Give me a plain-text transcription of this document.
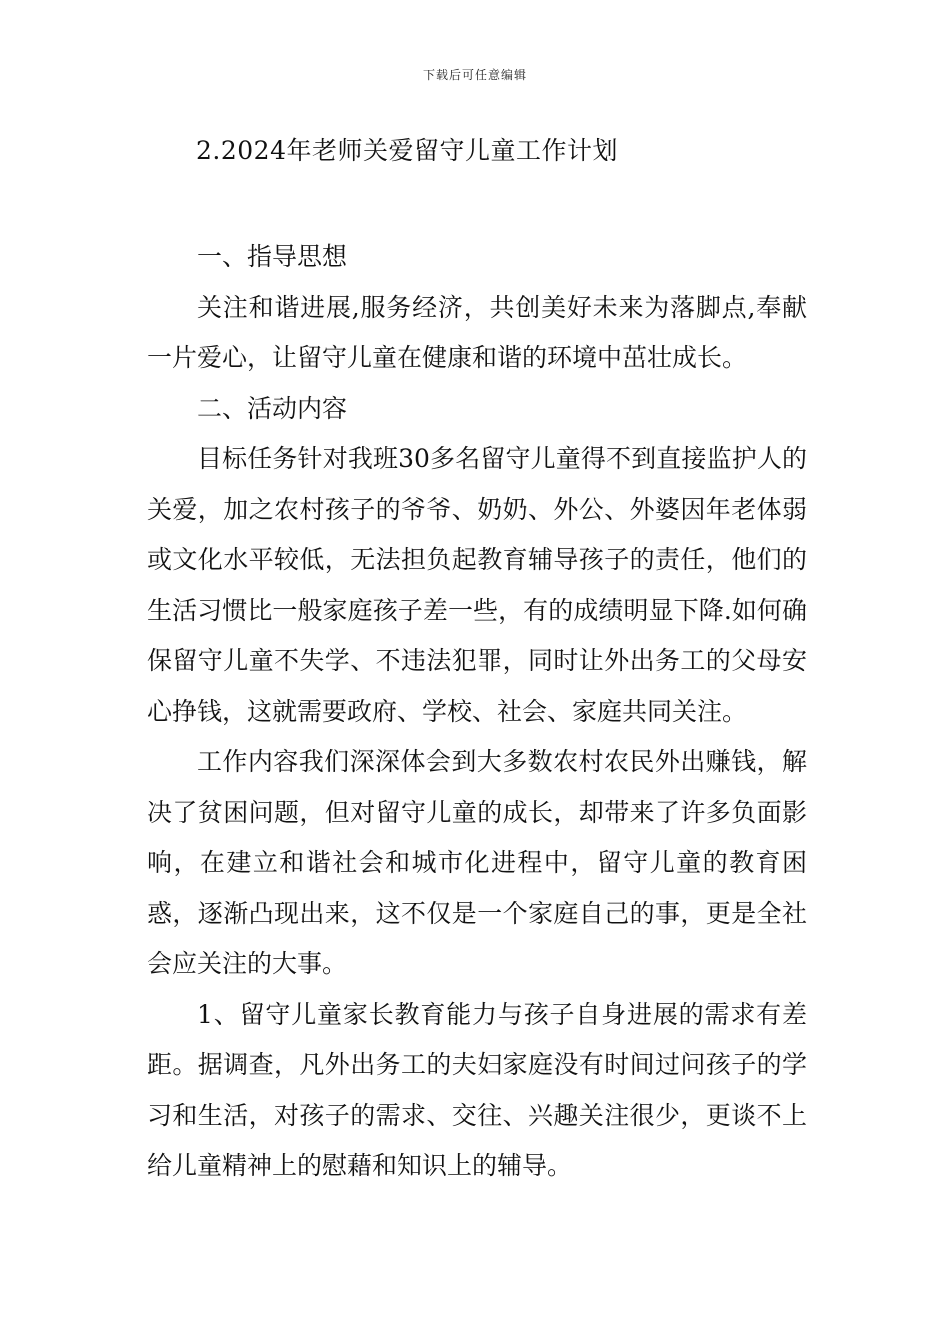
下载后可任意编辑
2.2024年老师关爱留守儿童工作计划

一、指导思想

关注和谐进展,服务经济，共创美好未来为落脚点,奉献一片爱心，让留守儿童在健康和谐的环境中茁壮成长。

二、活动内容

目标任务针对我班30多名留守儿童得不到直接监护人的关爱，加之农村孩子的爷爷、奶奶、外公、外婆因年老体弱或文化水平较低，无法担负起教育辅导孩子的责任，他们的生活习惯比一般家庭孩子差一些，有的成绩明显下降.如何确保留守儿童不失学、不违法犯罪，同时让外出务工的父母安心挣钱，这就需要政府、学校、社会、家庭共同关注。

工作内容我们深深体会到大多数农村农民外出赚钱，解决了贫困问题，但对留守儿童的成长，却带来了许多负面影响，在建立和谐社会和城市化进程中，留守儿童的教育困惑，逐渐凸现出来，这不仅是一个家庭自己的事，更是全社会应关注的大事。

1、留守儿童家长教育能力与孩子自身进展的需求有差距。据调查，凡外出务工的夫妇家庭没有时间过问孩子的学习和生活，对孩子的需求、交往、兴趣关注很少，更谈不上给儿童精神上的慰藉和知识上的辅导。
